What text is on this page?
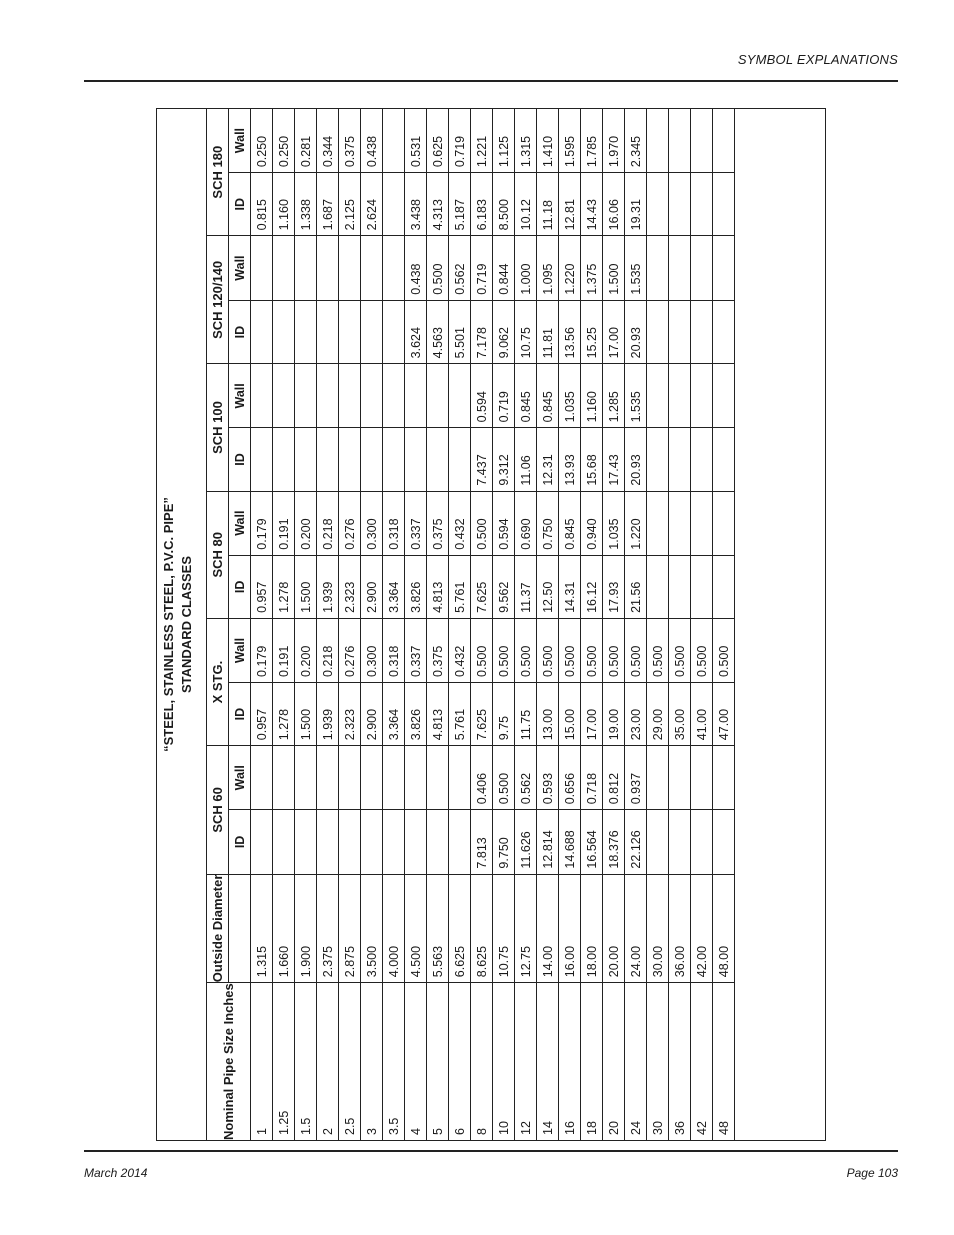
SYMBOL EXPLANATIONS
“STEEL, STAINLESS STEEL, P.V.C. PIPE” STANDARD CLASSES
Nominal Pipe Size Inches	Outside Diameter	SCH 60		X STG.		SCH 80		SCH 100		SCH 120/140		SCH 180	
		ID	Wall	ID	Wall	ID	Wall	ID	Wall	ID	Wall	ID	Wall
1	1.315			0.957	0.179	0.957	0.179					0.815	0.250
1.25	1.660			1.278	0.191	1.278	0.191					1.160	0.250
1.5	1.900			1.500	0.200	1.500	0.200					1.338	0.281
2	2.375			1.939	0.218	1.939	0.218					1.687	0.344
2.5	2.875			2.323	0.276	2.323	0.276					2.125	0.375
3	3.500			2.900	0.300	2.900	0.300					2.624	0.438
3.5	4.000			3.364	0.318	3.364	0.318						
4	4.500			3.826	0.337	3.826	0.337			3.624	0.438	3.438	0.531
5	5.563			4.813	0.375	4.813	0.375			4.563	0.500	4.313	0.625
6	6.625			5.761	0.432	5.761	0.432			5.501	0.562	5.187	0.719
8	8.625	7.813	0.406	7.625	0.500	7.625	0.500	7.437	0.594	7.178	0.719	6.183	1.221
10	10.75	9.750	0.500	9.75	0.500	9.562	0.594	9.312	0.719	9.062	0.844	8.500	1.125
12	12.75	11.626	0.562	11.75	0.500	11.37	0.690	11.06	0.845	10.75	1.000	10.12	1.315
14	14.00	12.814	0.593	13.00	0.500	12.50	0.750	12.31	0.845	11.81	1.095	11.18	1.410
16	16.00	14.688	0.656	15.00	0.500	14.31	0.845	13.93	1.035	13.56	1.220	12.81	1.595
18	18.00	16.564	0.718	17.00	0.500	16.12	0.940	15.68	1.160	15.25	1.375	14.43	1.785
20	20.00	18.376	0.812	19.00	0.500	17.93	1.035	17.43	1.285	17.00	1.500	16.06	1.970
24	24.00	22.126	0.937	23.00	0.500	21.56	1.220	20.93	1.535	20.93	1.535	19.31	2.345
30	30.00			29.00	0.500								
36	36.00			35.00	0.500								
42	42.00			41.00	0.500								
48	48.00			47.00	0.500								
March 2014	Page 103
